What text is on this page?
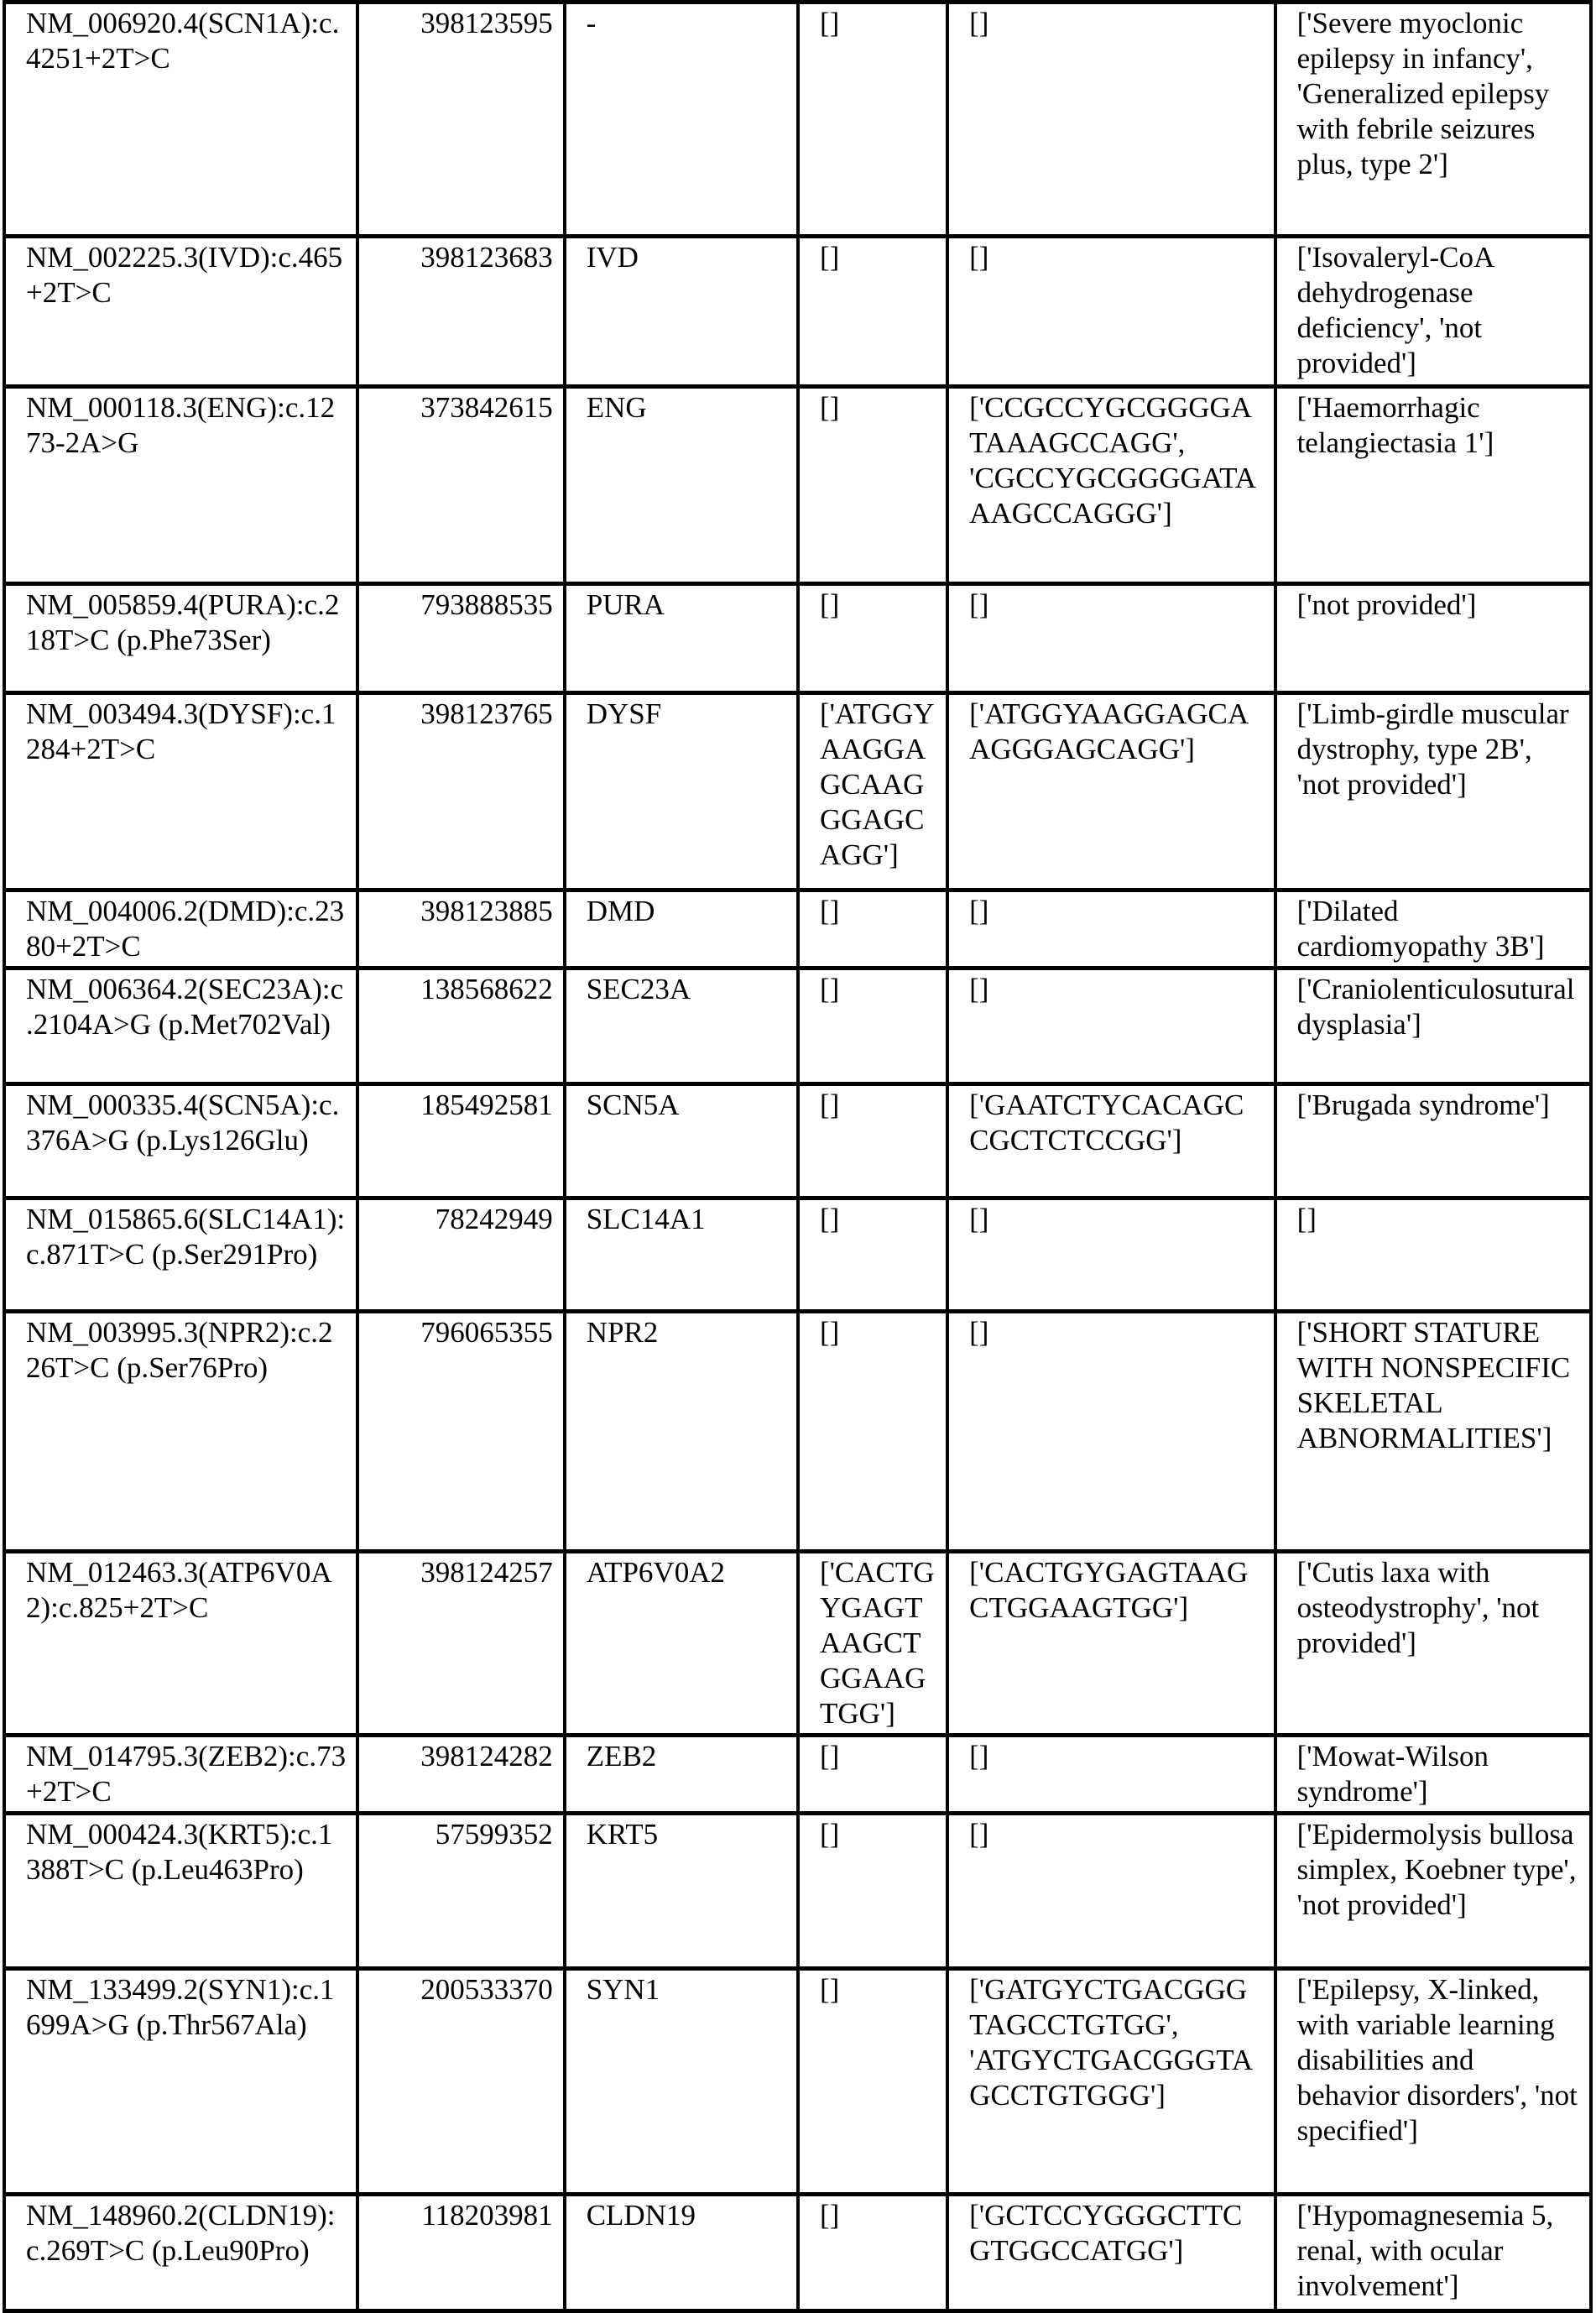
NM_006920.4(SCN1A):c.4251+2T>C	398123595	-	[]	[]	['Severe myoclonic epilepsy in infancy', 'Generalized epilepsy with febrile seizures plus, type 2']
NM_002225.3(IVD):c.465+2T>C	398123683	IVD	[]	[]	['Isovaleryl-CoA dehydrogenase deficiency', 'not provided']
NM_000118.3(ENG):c.1273-2A>G	373842615	ENG	[]	['CCGCCYGCGGGGATAAAGCCAGG', 'CGCCYGCGGGGATAAAGCCAGGG']	['Haemorrhagic telangiectasia 1']
NM_005859.4(PURA):c.218T>C (p.Phe73Ser)	793888535	PURA	[]	[]	['not provided']
NM_003494.3(DYSF):c.1284+2T>C	398123765	DYSF	['ATGGYAAGGAGCAAGGGAGCAGG']	['ATGGYAAGGAGCAAGGGAGCAGG']	['Limb-girdle muscular dystrophy, type 2B', 'not provided']
NM_004006.2(DMD):c.2380+2T>C	398123885	DMD	[]	[]	['Dilated cardiomyopathy 3B']
NM_006364.2(SEC23A):c.2104A>G (p.Met702Val)	138568622	SEC23A	[]	[]	['Craniolenticulosutural dysplasia']
NM_000335.4(SCN5A):c.376A>G (p.Lys126Glu)	185492581	SCN5A	[]	['GAATCTYCACAGCCGCTCTCCGG']	['Brugada syndrome']
NM_015865.6(SLC14A1):c.871T>C (p.Ser291Pro)	78242949	SLC14A1	[]	[]	[]
NM_003995.3(NPR2):c.226T>C (p.Ser76Pro)	796065355	NPR2	[]	[]	['SHORT STATURE WITH NONSPECIFIC SKELETAL ABNORMALITIES']
NM_012463.3(ATP6V0A2):c.825+2T>C	398124257	ATP6V0A2	['CACTGYGAGTAAGCTGGAAGTGG']	['CACTGYGAGTAAGCTGGAAGTGG']	['Cutis laxa with osteodystrophy', 'not provided']
NM_014795.3(ZEB2):c.73+2T>C	398124282	ZEB2	[]	[]	['Mowat-Wilson syndrome']
NM_000424.3(KRT5):c.1388T>C (p.Leu463Pro)	57599352	KRT5	[]	[]	['Epidermolysis bullosa simplex, Koebner type', 'not provided']
NM_133499.2(SYN1):c.1699A>G (p.Thr567Ala)	200533370	SYN1	[]	['GATGYCTGACGGGTAGCCTGTGG', 'ATGYCTGACGGGTAGCCTGTGGG']	['Epilepsy, X-linked, with variable learning disabilities and behavior disorders', 'not specified']
NM_148960.2(CLDN19):c.269T>C (p.Leu90Pro)	118203981	CLDN19	[]	['GCTCCYGGGCTTCGTGGCCATGG']	['Hypomagnesemia 5, renal, with ocular involvement']
